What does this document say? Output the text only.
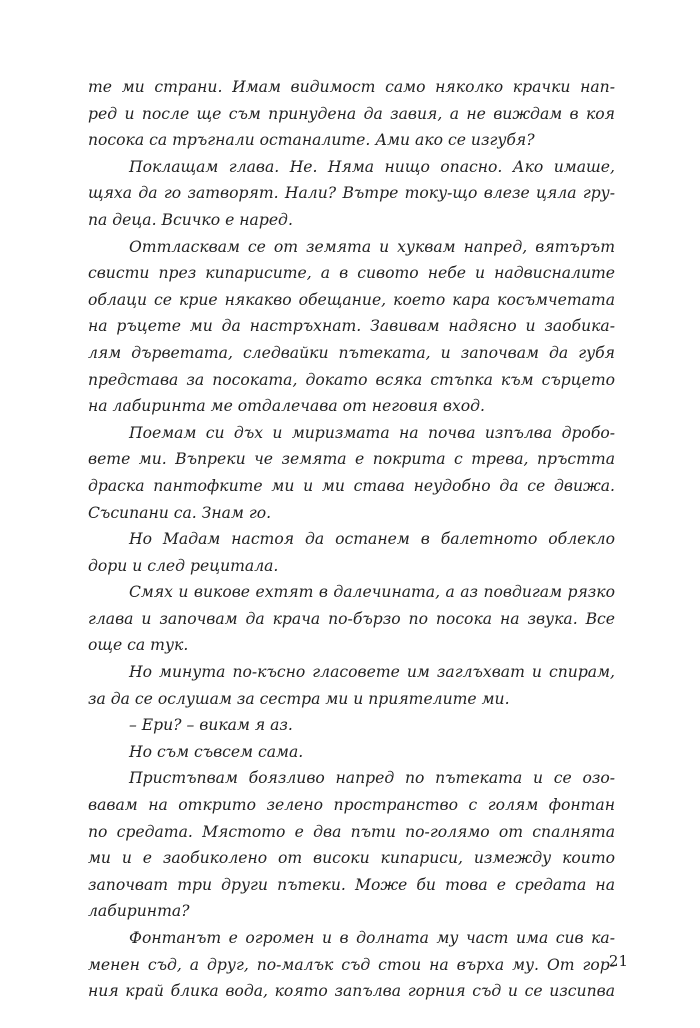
те ми страни. Имам видимост само няколко крачки нап-
ред и после ще съм принудена да завия, а не виждам в коя
посока са тръгнали останалите. Ами ако се изгубя?
Поклащам глава. Не. Няма нищо опасно. Ако имаше,
щяха да го затворят. Нали? Вътре току-що влезе цяла гру-
па деца. Всичко е наред.
Оттласквам се от земята и хуквам напред, вятърът
свисти през кипарисите, а в сивото небе и надвисналите
облаци се крие някакво обещание, което кара косъмчетата
на ръцете ми да настръхнат. Завивам надясно и заобика-
лям дърветата, следвайки пътеката, и започвам да губя
представа за посоката, докато всяка стъпка към сърцето
на лабиринта ме отдалечава от неговия вход.
Поемам си дъх и миризмата на почва изпълва дробо-
вете ми. Въпреки че земята е покрита с трева, пръстта
драска пантофките ми и ми става неудобно да се движа.
Съсипани са. Знам го.
Но Мадам настоя да останем в балетното облекло
дори и след рецитала.
Смях и викове ехтят в далечината, а аз повдигам рязко
глава и започвам да крача по-бързо по посока на звука. Все
още са тук.
Но минута по-късно гласовете им заглъхват и спирам,
за да се ослушам за сестра ми и приятелите ми.
– Ери? – викам я аз.
Но съм съвсем сама.
Пристъпвам боязливо напред по пътеката и се озо-
вавам на открито зелено пространство с голям фонтан
по средата. Мястото е два пъти по-голямо от спалнята
ми и е заобиколено от високи кипариси, измежду които
започват три други пътеки. Може би това е средата на
лабиринта?
Фонтанът е огромен и в долната му част има сив ка-
менен съд, а друг, по-малък съд стои на върха му. От гор-
ния край блика вода, която запълва горния съд и се изсипва
21
